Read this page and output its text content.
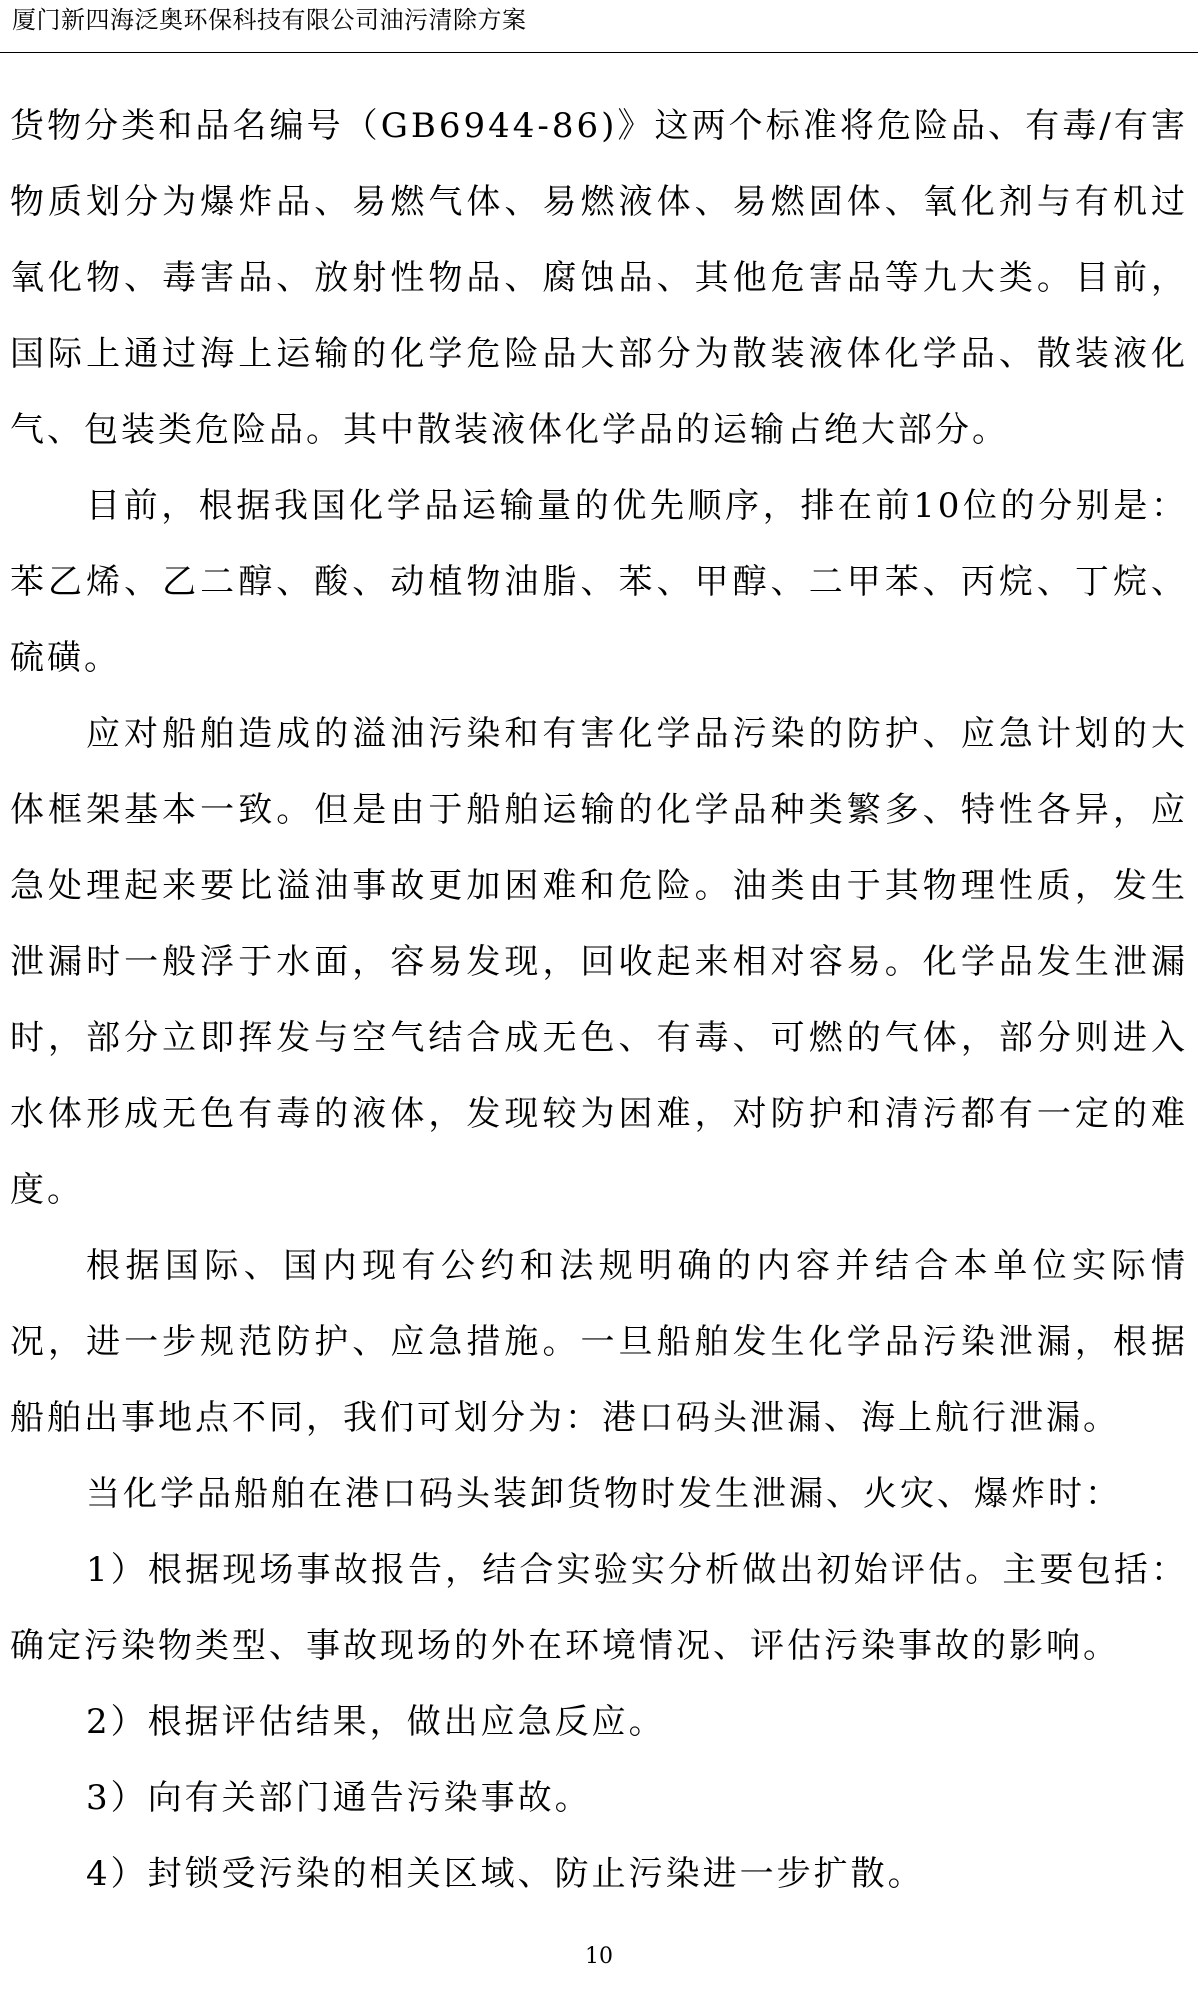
厦门新四海泛奥环保科技有限公司油污清除方案

货物分类和品名编号（GB6944-86)》这两个标准将危险品、有毒/有害物质划分为爆炸品、易燃气体、易燃液体、易燃固体、氧化剂与有机过氧化物、毒害品、放射性物品、腐蚀品、其他危害品等九大类。目前，国际上通过海上运输的化学危险品大部分为散装液体化学品、散装液化气、包装类危险品。其中散装液体化学品的运输占绝大部分。

目前，根据我国化学品运输量的优先顺序，排在前10位的分别是：苯乙烯、乙二醇、酸、动植物油脂、苯、甲醇、二甲苯、丙烷、丁烷、硫磺。

应对船舶造成的溢油污染和有害化学品污染的防护、应急计划的大体框架基本一致。但是由于船舶运输的化学品种类繁多、特性各异，应急处理起来要比溢油事故更加困难和危险。油类由于其物理性质，发生泄漏时一般浮于水面，容易发现，回收起来相对容易。化学品发生泄漏时，部分立即挥发与空气结合成无色、有毒、可燃的气体，部分则进入水体形成无色有毒的液体，发现较为困难，对防护和清污都有一定的难度。

根据国际、国内现有公约和法规明确的内容并结合本单位实际情况，进一步规范防护、应急措施。一旦船舶发生化学品污染泄漏，根据船舶出事地点不同，我们可划分为：港口码头泄漏、海上航行泄漏。

当化学品船舶在港口码头装卸货物时发生泄漏、火灾、爆炸时：

1）根据现场事故报告，结合实验实分析做出初始评估。主要包括：确定污染物类型、事故现场的外在环境情况、评估污染事故的影响。

2）根据评估结果，做出应急反应。

3）向有关部门通告污染事故。

4）封锁受污染的相关区域、防止污染进一步扩散。

10
